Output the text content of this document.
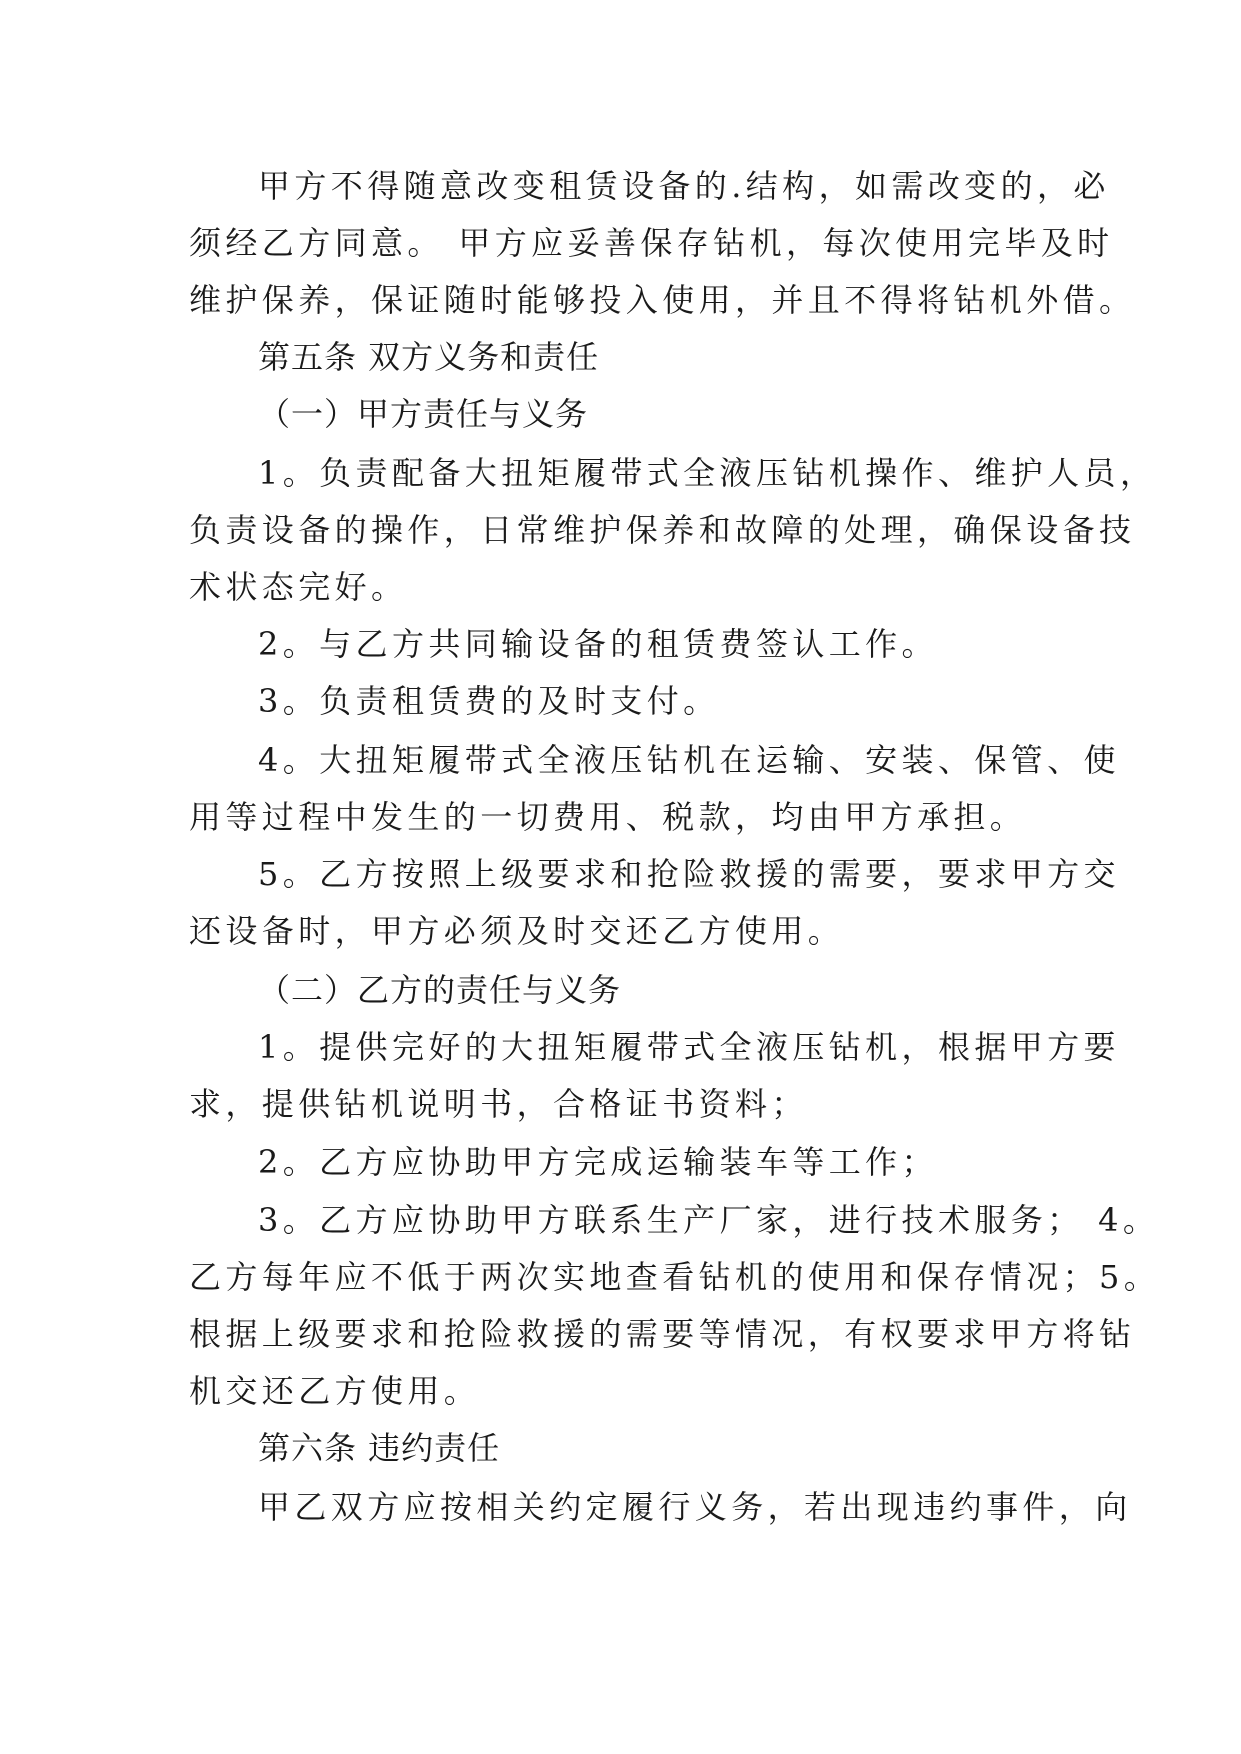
甲方不得随意改变租赁设备的.结构，如需改变的，必

须经乙方同意。 甲方应妥善保存钻机，每次使用完毕及时

维护保养，保证随时能够投入使用，并且不得将钻机外借。

第五条 双方义务和责任

（一）甲方责任与义务

1。负责配备大扭矩履带式全液压钻机操作、维护人员，

负责设备的操作，日常维护保养和故障的处理，确保设备技

术状态完好。

2。与乙方共同输设备的租赁费签认工作。

3。负责租赁费的及时支付。

4。大扭矩履带式全液压钻机在运输、安装、保管、使

用等过程中发生的一切费用、税款，均由甲方承担。

5。乙方按照上级要求和抢险救援的需要，要求甲方交

还设备时，甲方必须及时交还乙方使用。

（二）乙方的责任与义务

1。提供完好的大扭矩履带式全液压钻机，根据甲方要

求，提供钻机说明书，合格证书资料；

2。乙方应协助甲方完成运输装车等工作；

3。乙方应协助甲方联系生产厂家，进行技术服务； 4。

乙方每年应不低于两次实地查看钻机的使用和保存情况；5。

根据上级要求和抢险救援的需要等情况，有权要求甲方将钻

机交还乙方使用。

第六条 违约责任

甲乙双方应按相关约定履行义务，若出现违约事件，向
